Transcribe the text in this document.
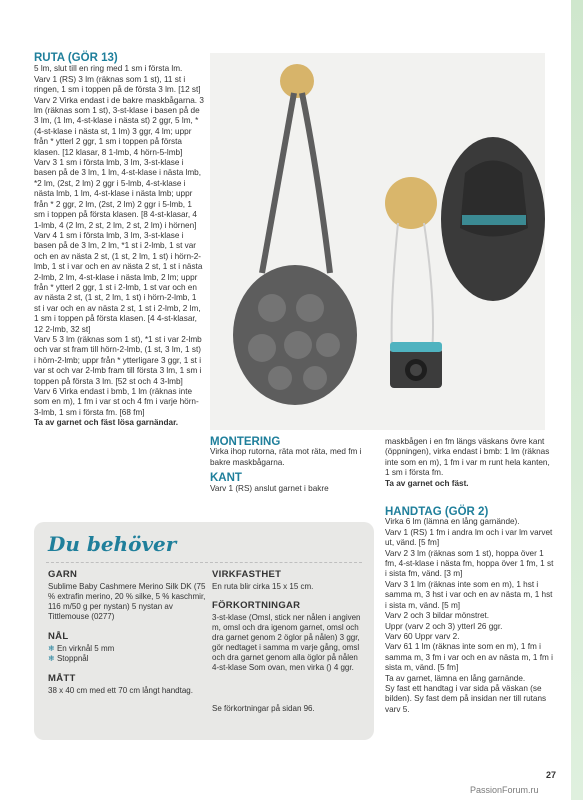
RUTA (GÖR 13)

5 lm, slut till en ring med 1 sm i första lm.

Varv 1 (RS) 3 lm (räknas som 1 st), 11 st i ringen, 1 sm i toppen på de första 3 lm. [12 st]

Varv 2 Virka endast i de bakre maskbågarna. 3 lm (räknas som 1 st), 3-st-klase i basen på de 3 lm, (1 lm, 4-st-klase i nästa st) 2 ggr, 5 lm, *(4-st-klase i nästa st, 1 lm) 3 ggr, 4 lm; uppr från * ytterl 2 ggr, 1 sm i toppen på första klasen. [12 klasar, 8 1-lmb, 4 hörn-5-lmb]

Varv 3 1 sm i första lmb, 3 lm, 3-st-klase i basen på de 3 lm, 1 lm, 4-st-klase i nästa lmb, *2 lm, (2st, 2 lm) 2 ggr i 5-lmb, 4-st-klase i nästa lmb, 1 lm, 4-st-klase i nästa lmb; uppr från * 2 ggr, 2 lm, (2st, 2 lm) 2 ggr i 5-lmb, 1 sm i toppen på första klasen. [8 4-st-klasar, 4 1-lmb, 4 (2 lm, 2 st, 2 lm, 2 st, 2 lm) i hörnen]

Varv 4 1 sm i första lmb, 3 lm, 3-st-klase i basen på de 3 lm, 2 lm, *1 st i 2-lmb, 1 st var och en av nästa 2 st, (1 st, 2 lm, 1 st) i hörn-2-lmb, 1 st i var och en av nästa 2 st, 1 st i nästa 2-lmb, 2 lm, 4-st-klase i nästa lmb, 2 lm; uppr från * ytterl 2 ggr, 1 st i 2-lmb, 1 st var och en av nästa 2 st, (1 st, 2 lm, 1 st) i hörn-2-lmb, 1 st i var och en av nästa 2 st, 1 st i 2-lmb, 2 lm, 1 sm i toppen på första klasen. [4 4-st-klasar, 12 2-lmb, 32 st]

Varv 5 3 lm (räknas som 1 st), *1 st i var 2-lmb och var st fram till hörn-2-lmb, (1 st, 3 lm, 1 st) i hörn-2-lmb; uppr från * ytterligare 3 ggr, 1 st i var st och var 2-lmb fram till första 3 lm, 1 sm i toppen på första 3 lm. [52 st och 4 3-lmb]

Varv 6 Virka endast i bmb, 1 lm (räknas inte som en m), 1 fm i var st och 4 fm i varje hörn-3-lmb, 1 sm i första fm. [68 fm]

Ta av garnet och fäst lösa garnändar.

MONTERING

Virka ihop rutorna, räta mot räta, med fm i bakre maskbågarna.

KANT

Varv 1 (RS) anslut garnet i bakre

maskbågen i en fm längs väskans övre kant (öppningen), virka endast i bmb: 1 lm (räknas inte som en m), 1 fm i var m runt hela kanten, 1 sm i första fm.

Ta av garnet och fäst.

HANDTAG (GÖR 2)

Virka 6 lm (lämna en lång garnände).

Varv 1 (RS) 1 fm i andra lm och i var lm varvet ut, vänd. [5 fm]

Varv 2 3 lm (räknas som 1 st), hoppa över 1 fm, 4-st-klase i nästa fm, hoppa över 1 fm, 1 st i sista fm, vänd. [3 m]

Varv 3 1 lm (räknas inte som en m), 1 hst i samma m, 3 hst i var och en av nästa m, 1 hst i sista m, vänd. [5 m]

Varv 2 och 3 bildar mönstret.

Uppr (varv 2 och 3) ytterl 26 ggr.

Varv 60 Uppr varv 2.

Varv 61 1 lm (räknas inte som en m), 1 fm i samma m, 3 fm i var och en av nästa m, 1 fm i sista m, vänd. [5 fm]

Ta av garnet, lämna en lång garnände.

Sy fast ett handtag i var sida på väskan (se bilden). Sy fast dem på insidan ner till rutans varv 5.

Du behöver
GARN
Sublime Baby Cashmere Merino Silk DK (75 % extrafin merino, 20 % silke, 5 % kaschmir, 116 m/50 g per nystan) 5 nystan av Tittlemouse (0277)
NÅL
❄ En virknål 5 mm
❄ Stoppnål
MÅTT
38 x 40 cm med ett 70 cm långt handtag.
VIRKFASTHET
En ruta blir cirka 15 x 15 cm.
FÖRKORTNINGAR
3-st-klase (Omsl, stick ner nålen i angiven m, omsl och dra igenom garnet, omsl och dra garnet genom 2 öglor på nålen) 3 ggr, gör nedtaget i samma m varje gång, omsl och dra garnet genom alla öglor på nålen 4-st-klase Som ovan, men virka () 4 ggr.
Se förkortningar på sidan 96.
27
PassionForum.ru
